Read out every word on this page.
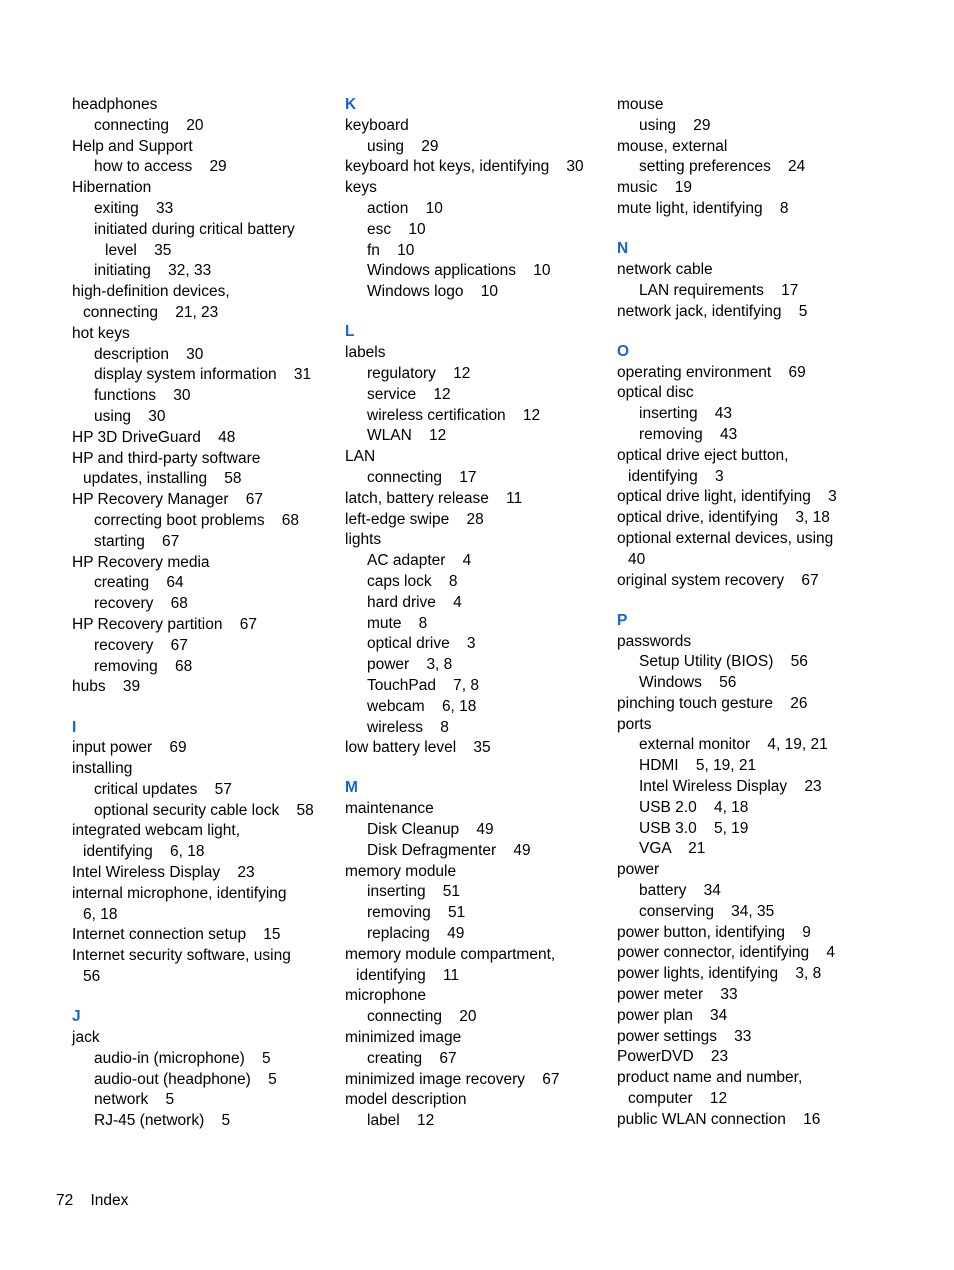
headphones
connecting    20
Help and Support
how to access    29
Hibernation
exiting    33
initiated during critical battery
level    35
initiating    32, 33
high-definition devices,
connecting    21, 23
hot keys
description    30
display system information    31
functions    30
using    30
HP 3D DriveGuard    48
HP and third-party software
updates, installing    58
HP Recovery Manager    67
correcting boot problems    68
starting    67
HP Recovery media
creating    64
recovery    68
HP Recovery partition    67
recovery    67
removing    68
hubs    39
I
input power    69
installing
critical updates    57
optional security cable lock    58
integrated webcam light,
identifying    6, 18
Intel Wireless Display    23
internal microphone, identifying
6, 18
Internet connection setup    15
Internet security software, using
56
J
jack
audio-in (microphone)    5
audio-out (headphone)    5
network    5
RJ-45 (network)    5
K
keyboard
using    29
keyboard hot keys, identifying    30
keys
action    10
esc    10
fn    10
Windows applications    10
Windows logo    10
L
labels
regulatory    12
service    12
wireless certification    12
WLAN    12
LAN
connecting    17
latch, battery release    11
left-edge swipe    28
lights
AC adapter    4
caps lock    8
hard drive    4
mute    8
optical drive    3
power    3, 8
TouchPad    7, 8
webcam    6, 18
wireless    8
low battery level    35
M
maintenance
Disk Cleanup    49
Disk Defragmenter    49
memory module
inserting    51
removing    51
replacing    49
memory module compartment,
identifying    11
microphone
connecting    20
minimized image
creating    67
minimized image recovery    67
model description
label    12
mouse
using    29
mouse, external
setting preferences    24
music    19
mute light, identifying    8
N
network cable
LAN requirements    17
network jack, identifying    5
O
operating environment    69
optical disc
inserting    43
removing    43
optical drive eject button,
identifying    3
optical drive light, identifying    3
optical drive, identifying    3, 18
optional external devices, using
40
original system recovery    67
P
passwords
Setup Utility (BIOS)    56
Windows    56
pinching touch gesture    26
ports
external monitor    4, 19, 21
HDMI    5, 19, 21
Intel Wireless Display    23
USB 2.0    4, 18
USB 3.0    5, 19
VGA    21
power
battery    34
conserving    34, 35
power button, identifying    9
power connector, identifying    4
power lights, identifying    3, 8
power meter    33
power plan    34
power settings    33
PowerDVD    23
product name and number,
computer    12
public WLAN connection    16
72 Index
